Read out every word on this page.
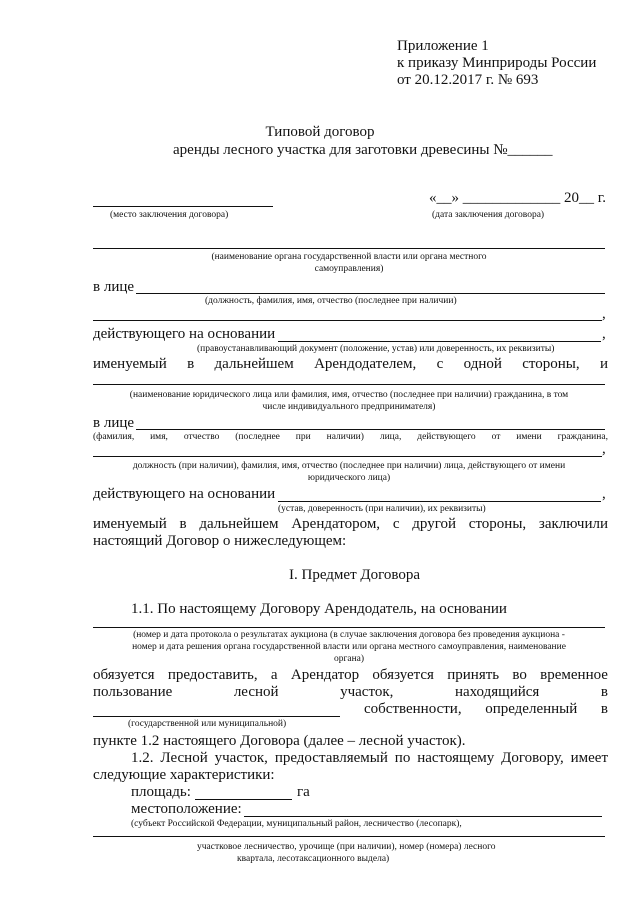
Приложение 1
к приказу Минприроды России
от 20.12.2017 г. № 693
Типовой договор
аренды лесного участка для заготовки древесины №______
«__» _____________ 20__ г.
(место заключения договора)	(дата заключения договора)
(наименование органа государственной власти или органа местного
самоуправления)
в лице
(должность, фамилия, имя, отчество (последнее при наличии)
,
действующего на основании	,
(правоустанавливающий документ (положение, устав) или доверенность, их реквизиты)
именуемый в дальнейшем Арендодателем, с одной стороны, и
(наименование юридического лица или фамилия, имя, отчество (последнее при наличии) гражданина, в том
числе индивидуального предпринимателя)
в лице
(фамилия, имя, отчество (последнее при наличии) лица, действующего от имени гражданина,
,
должность (при наличии), фамилия, имя, отчество (последнее при наличии) лица, действующего от имени
юридического лица)
действующего на основании	,
(устав, доверенность (при наличии), их реквизиты)
именуемый в дальнейшем Арендатором, с другой стороны, заключили
настоящий Договор о нижеследующем:
I. Предмет Договора
1.1. По настоящему Договору Арендодатель, на основании
(номер и дата протокола о результатах аукциона (в случае заключения договора без проведения аукциона -
номер и дата решения органа государственной власти или органа местного самоуправления, наименование
органа)
обязуется предоставить, а Арендатор обязуется принять во временное
пользование	лесной	участок,	находящийся	в
собственности, определенный в
(государственной или муниципальной)
пункте 1.2 настоящего Договора (далее – лесной участок).
1.2. Лесной участок, предоставляемый по настоящему Договору, имеет
следующие характеристики:
площадь:	га
местоположение:
(субъект Российской Федерации, муниципальный район, лесничество (лесопарк),
участковое лесничество, урочище (при наличии), номер (номера) лесного
квартала, лесотаксационного выдела)
